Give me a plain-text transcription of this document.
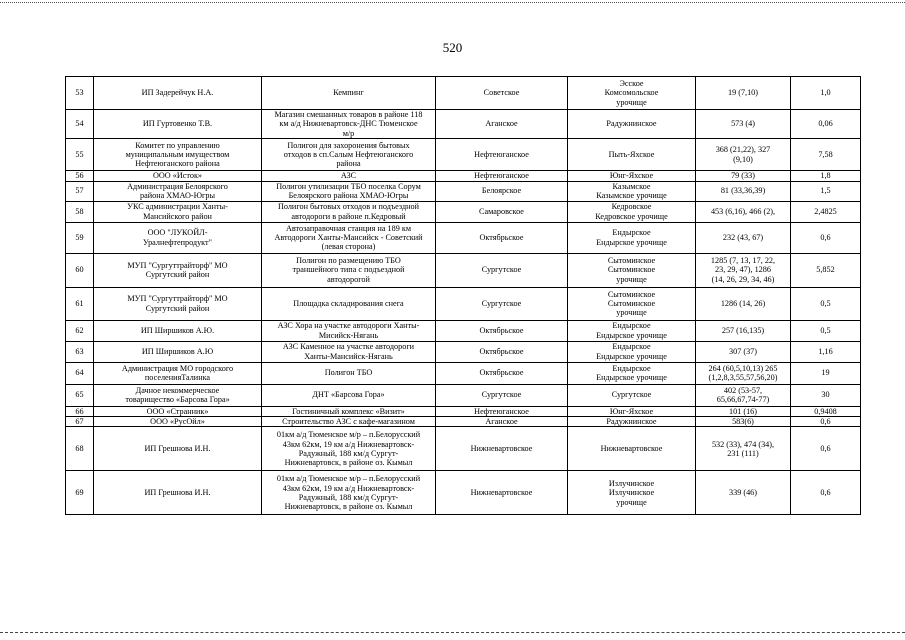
520
53	ИП Задерейчук Н.А.	Кемпинг	Советское	Эсское
Комсомольское
урочище	19 (7,10)	1,0
54	ИП Гуртовенко Т.В.	Магазин смешанных товаров в районе 118
км а/д Нижневартовск-ДНС Тюменское
м/р	Аганское	Радужнинское	573 (4)	0,06
55	Комитет по управлению
муниципальным имуществом
Нефтеюганского района	Полигон для захоронения бытовых
отходов в сп.Салым Нефтеюганского
района	Нефтеюганское	Пыть-Яхское	368 (21,22), 327
(9,10)	7,58
56	ООО «Исток»	АЗС	Нефтеюганское	Юнг-Яхское	79 (33)	1,8
57	Администрация Белоярского
района ХМАО-Югры	Полигон утилизации ТБО поселка Сорум
Белоярского района ХМАО-Югры	Белоярское	Казымское
Казымское урочище	81 (33,36,39)	1,5
58	УКС администрации Ханты-
Мансийского район	Полигон бытовых отходов и подъездной
автодороги в районе п.Кедровый	Самаровское	Кедровское
Кедровское урочище	453 (6,16), 466 (2),	2,4825
59	ООО "ЛУКОЙЛ-
Уралнефтепродукт"	Автозаправочная станция на 189 км
Автодороги Ханты-Мансийск - Советский
(левая сторона)	Октябрьское	Ендырское
Ендырское урочище	232 (43, 67)	0,6
60	МУП "Сургуттрайторф" МО
Сургутский район	Полигон по размещению ТБО
траншейного типа с подъездной
автодорогой	Сургутское	Сытоминское
Сытоминское
урочище	1285 (7, 13, 17, 22,
23, 29, 47), 1286
(14, 26, 29, 34, 46)	5,852
61	МУП "Сургуттрайторф" МО
Сургутский район	Площадка складирования снега	Сургутское	Сытоминское
Сытоминское
урочище	1286 (14, 26)	0,5
62	ИП Ширшиков А.Ю.	АЗС Хора на участке автодороги Ханты-
Мисийск-Нягань	Октябрьское	Ендырское
Ендырское урочище	257 (16,135)	0,5
63	ИП Ширшиков А.Ю	АЗС Каменное на участке автодороги
Ханты-Мансийск-Нягань	Октябрьское	Ендырское
Ендырское урочище	307 (37)	1,16
64	Администрация МО городского
поселенияТалинка	Полигон ТБО	Октябрьское	Ендырское
Ендырское урочище	264 (60,5,10,13) 265
(1,2,8,3,55,57,56,20)	19
65	Дачное некоммерческое
товарищество «Барсова Гора»	ДНТ «Барсова Гора»	Сургутское	Сургутское	402 (53-57,
65,66,67,74-77)	30
66	ООО «Странник»	Гостиничный комплекс «Визит»	Нефтеюганское	Юнг-Яхское	101 (16)	0,9408
67	ООО «РусОйл»	Строительство АЗС с кафе-магазином	Аганское	Радужнинское	583(6)	0,6
68	ИП Грешнова И.Н.	01км а/д Тюменское м/р – п.Белорусский
43км 62км, 19 км а/д Нижневартовск-
Радужный, 188 км/д Сургут-
Нижневартовск, в районе оз. Кымыл	Нижневартовское	Нижневартовское	532 (33), 474 (34),
231 (111)	0,6
69	ИП Грешнова И.Н.	01км а/д Тюменское м/р – п.Белорусский
43км 62км, 19 км а/д Нижневартовск-
Радужный, 188 км/д Сургут-
Нижневартовск, в районе оз. Кымыл	Нижневартовское	Излучинское
Излучинское
урочище	339 (46)	0,6
